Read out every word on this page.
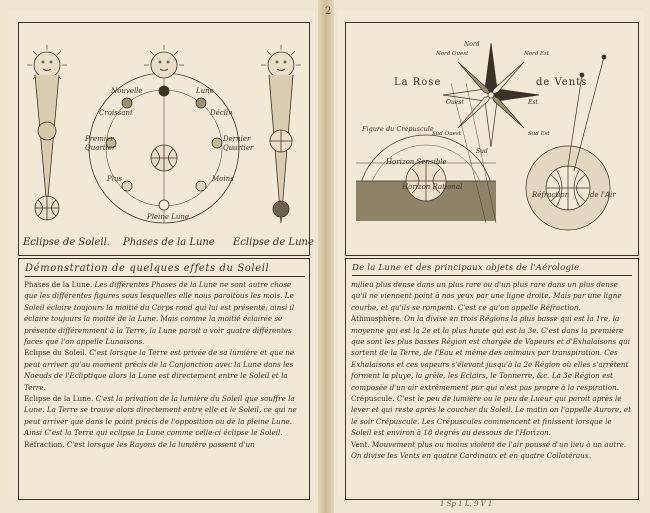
2
Nouvelle	Lune
Croissant	Déclin
Premier
Quartier
Dernier
Quartier
Plus	Moins
Pleine Lune
Eclipse de Soleil. Phases de la Lune Eclipse de Lune
Démonstration de quelques effets du Soleil

Phases de la Lune. Les différentes Phases de la Lune ne sont autre chose que les différentes figures sous lesquelles elle nous paroitous les mois. Le Soleil éclaire toujours la moitié du Corps rond qui lui est présenté; ainsi il éclaire toujours la moitié de la Lune. Mais comme la moitié éclairée se présente différemment à la Terre, la Lune paroit a voir quatre différentes faces que l'on appelle Lunaisons.

Eclipse du Soleil. C'est lorsque la Terre est privée de sa lumière et que ne peut arriver qu'au moment précis de la Conjonction avec la Lune dans les Noeuds de l'Ecliptique alors la Lune est directement entre le Soleil et la Terre.

Eclipse de la Lune. C'est la privation de la lumière du Soleil que souffre la Lune. La Terre se trouve alors directement entre elle et le Soleil, ce qui ne peut arriver que dans le point précis de l'opposition ou de la pleine Lune. Ainsi C'est la Terre qui eclipse la Lune comme celle-ci éclipse le Soleil.

Réfraction. C'est lorsque les Rayons de la lumière passent d'un

Nord
Sud
Est
Ouest
Nord Ouest	Nord Est
Sud Est
Sud Ouest
La Rose	de Vents
Figure du Crépuscule
Horizon Sensible
Horizon Rational
Réfraction	de l'Air
De la Lune et des principaux objets de l'Aérologie

milieu plus dense dans un plus rare ou d'un plus rare dans un plus dense qu'il ne viennent point à nos yeux par une ligne droite. Mais par une ligne courbe, et qu'ils se rompent. C'est ce qu'on appelle Réfraction.

Athmosphère. On la divise en trois Régions la plus basse qui est la 1re, la moyenne qui est la 2e et la plus haute qui est la 3e. C'est dans la première que sont les plus basses Région est chargée de Vapeurs et d'Exhalaisons qui sortent de la Terre, de l'Eau et même des animaux par transpiration. Ces Exhalaisons et ces vapeurs s'élevant jusqu'à la 2e Région où elles s'arrêtent forment la pluye, la grêle, les Eclairs, le Tonnerre, &c. La 3e Région est composée d'un air extrêmement pur qui n'est pas propre à la respiration.

Crépuscule. C'est le peu de lumière ou le peu de Lueur qui paroit après le lever et qui reste après le coucher du Soleil. Le matin on l'appelle Aurore, et le soir Crépuscule. Les Crépuscules commencent et finissent lorsque le Soleil est environ à 18 degrés au dessous de l'Horizon.

Vent. Mouvement plus ou moins violent de l'air poussé d'un lieu à un autre. On divise les Vents en quatre Cardinaux et en quatre Collatéraux.

1 Sp 1 L, 9 V 1
